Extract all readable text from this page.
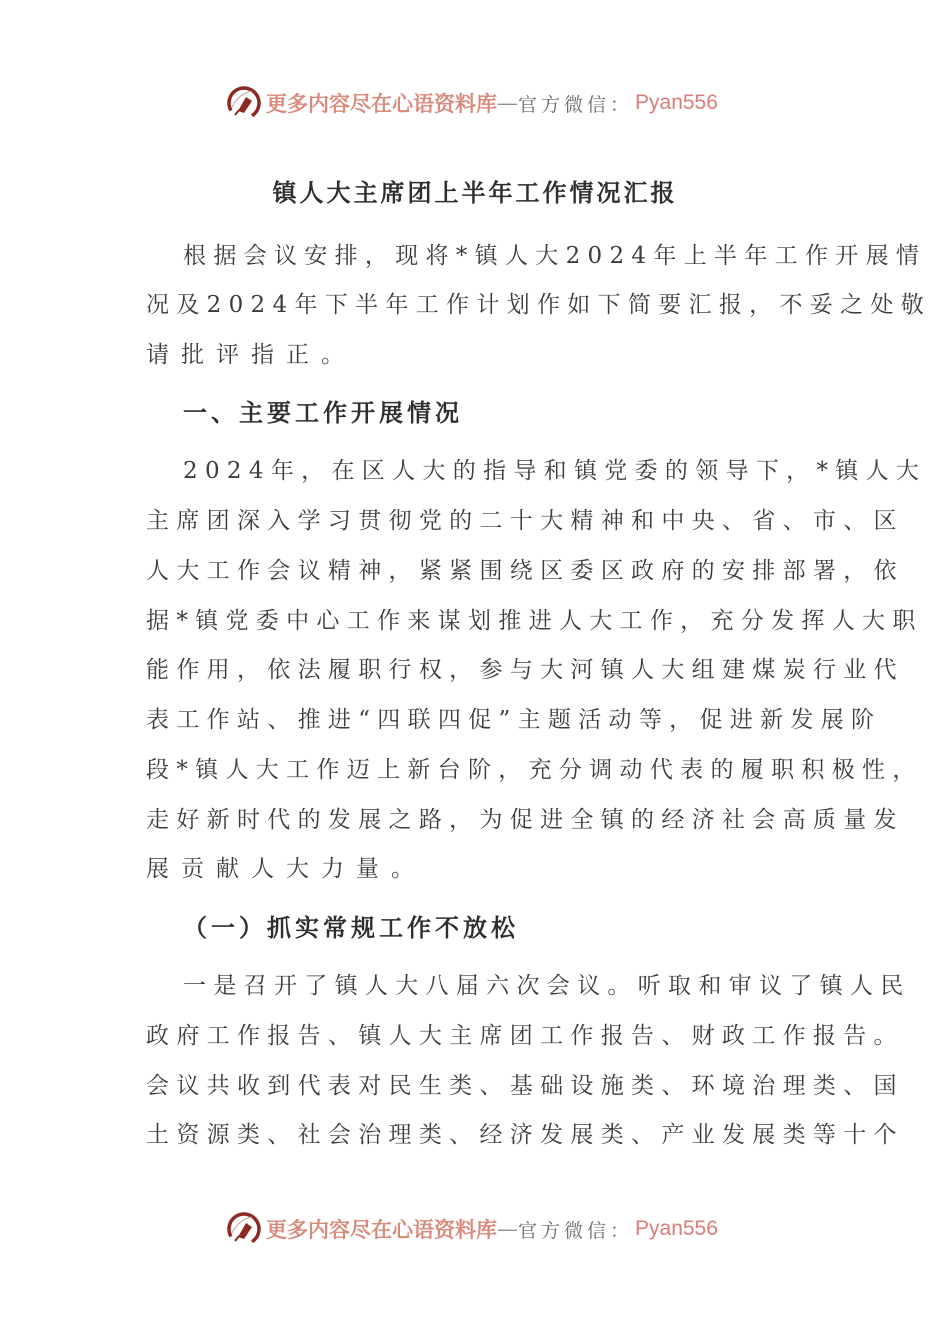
更多内容尽在心语资料库 — 官方微信： Pyan556
镇人大主席团上半年工作情况汇报
根 据 会 议 安 排 ， 现 将 * 镇 人 大 2 0 2 4 年 上 半 年 工 作 开 展 情
况 及 2 0 2 4 年 下 半 年 工 作 计 划 作 如 下 简 要 汇 报 ， 不 妥 之 处 敬
请批评指正。
一、主要工作开展情况
2 0 2 4 年 ， 在 区 人 大 的 指 导 和 镇 党 委 的 领 导 下 ， * 镇 人 大
主 席 团 深 入 学 习 贯 彻 党 的 二 十 大 精 神 和 中 央 、 省 、 市 、 区
人 大 工 作 会 议 精 神 ， 紧 紧 围 绕 区 委 区 政 府 的 安 排 部 署 ， 依
据 * 镇 党 委 中 心 工 作 来 谋 划 推 进 人 大 工 作 ， 充 分 发 挥 人 大 职
能 作 用 ， 依 法 履 职 行 权 ， 参 与 大 河 镇 人 大 组 建 煤 炭 行 业 代
表 工 作 站 、 推 进 “ 四 联 四 促 ” 主 题 活 动 等 ， 促 进 新 发 展 阶
段 * 镇 人 大 工 作 迈 上 新 台 阶 ， 充 分 调 动 代 表 的 履 职 积 极 性 ，
走 好 新 时 代 的 发 展 之 路 ， 为 促 进 全 镇 的 经 济 社 会 高 质 量 发
展贡献人大力量。
（一）抓实常规工作不放松
一 是 召 开 了 镇 人 大 八 届 六 次 会 议 。 听 取 和 审 议 了 镇 人 民
政 府 工 作 报 告 、 镇 人 大 主 席 团 工 作 报 告 、 财 政 工 作 报 告 。
会 议 共 收 到 代 表 对 民 生 类 、 基 础 设 施 类 、 环 境 治 理 类 、 国
土 资 源 类 、 社 会 治 理 类 、 经 济 发 展 类 、 产 业 发 展 类 等 十 个
更多内容尽在心语资料库 — 官方微信： Pyan556
